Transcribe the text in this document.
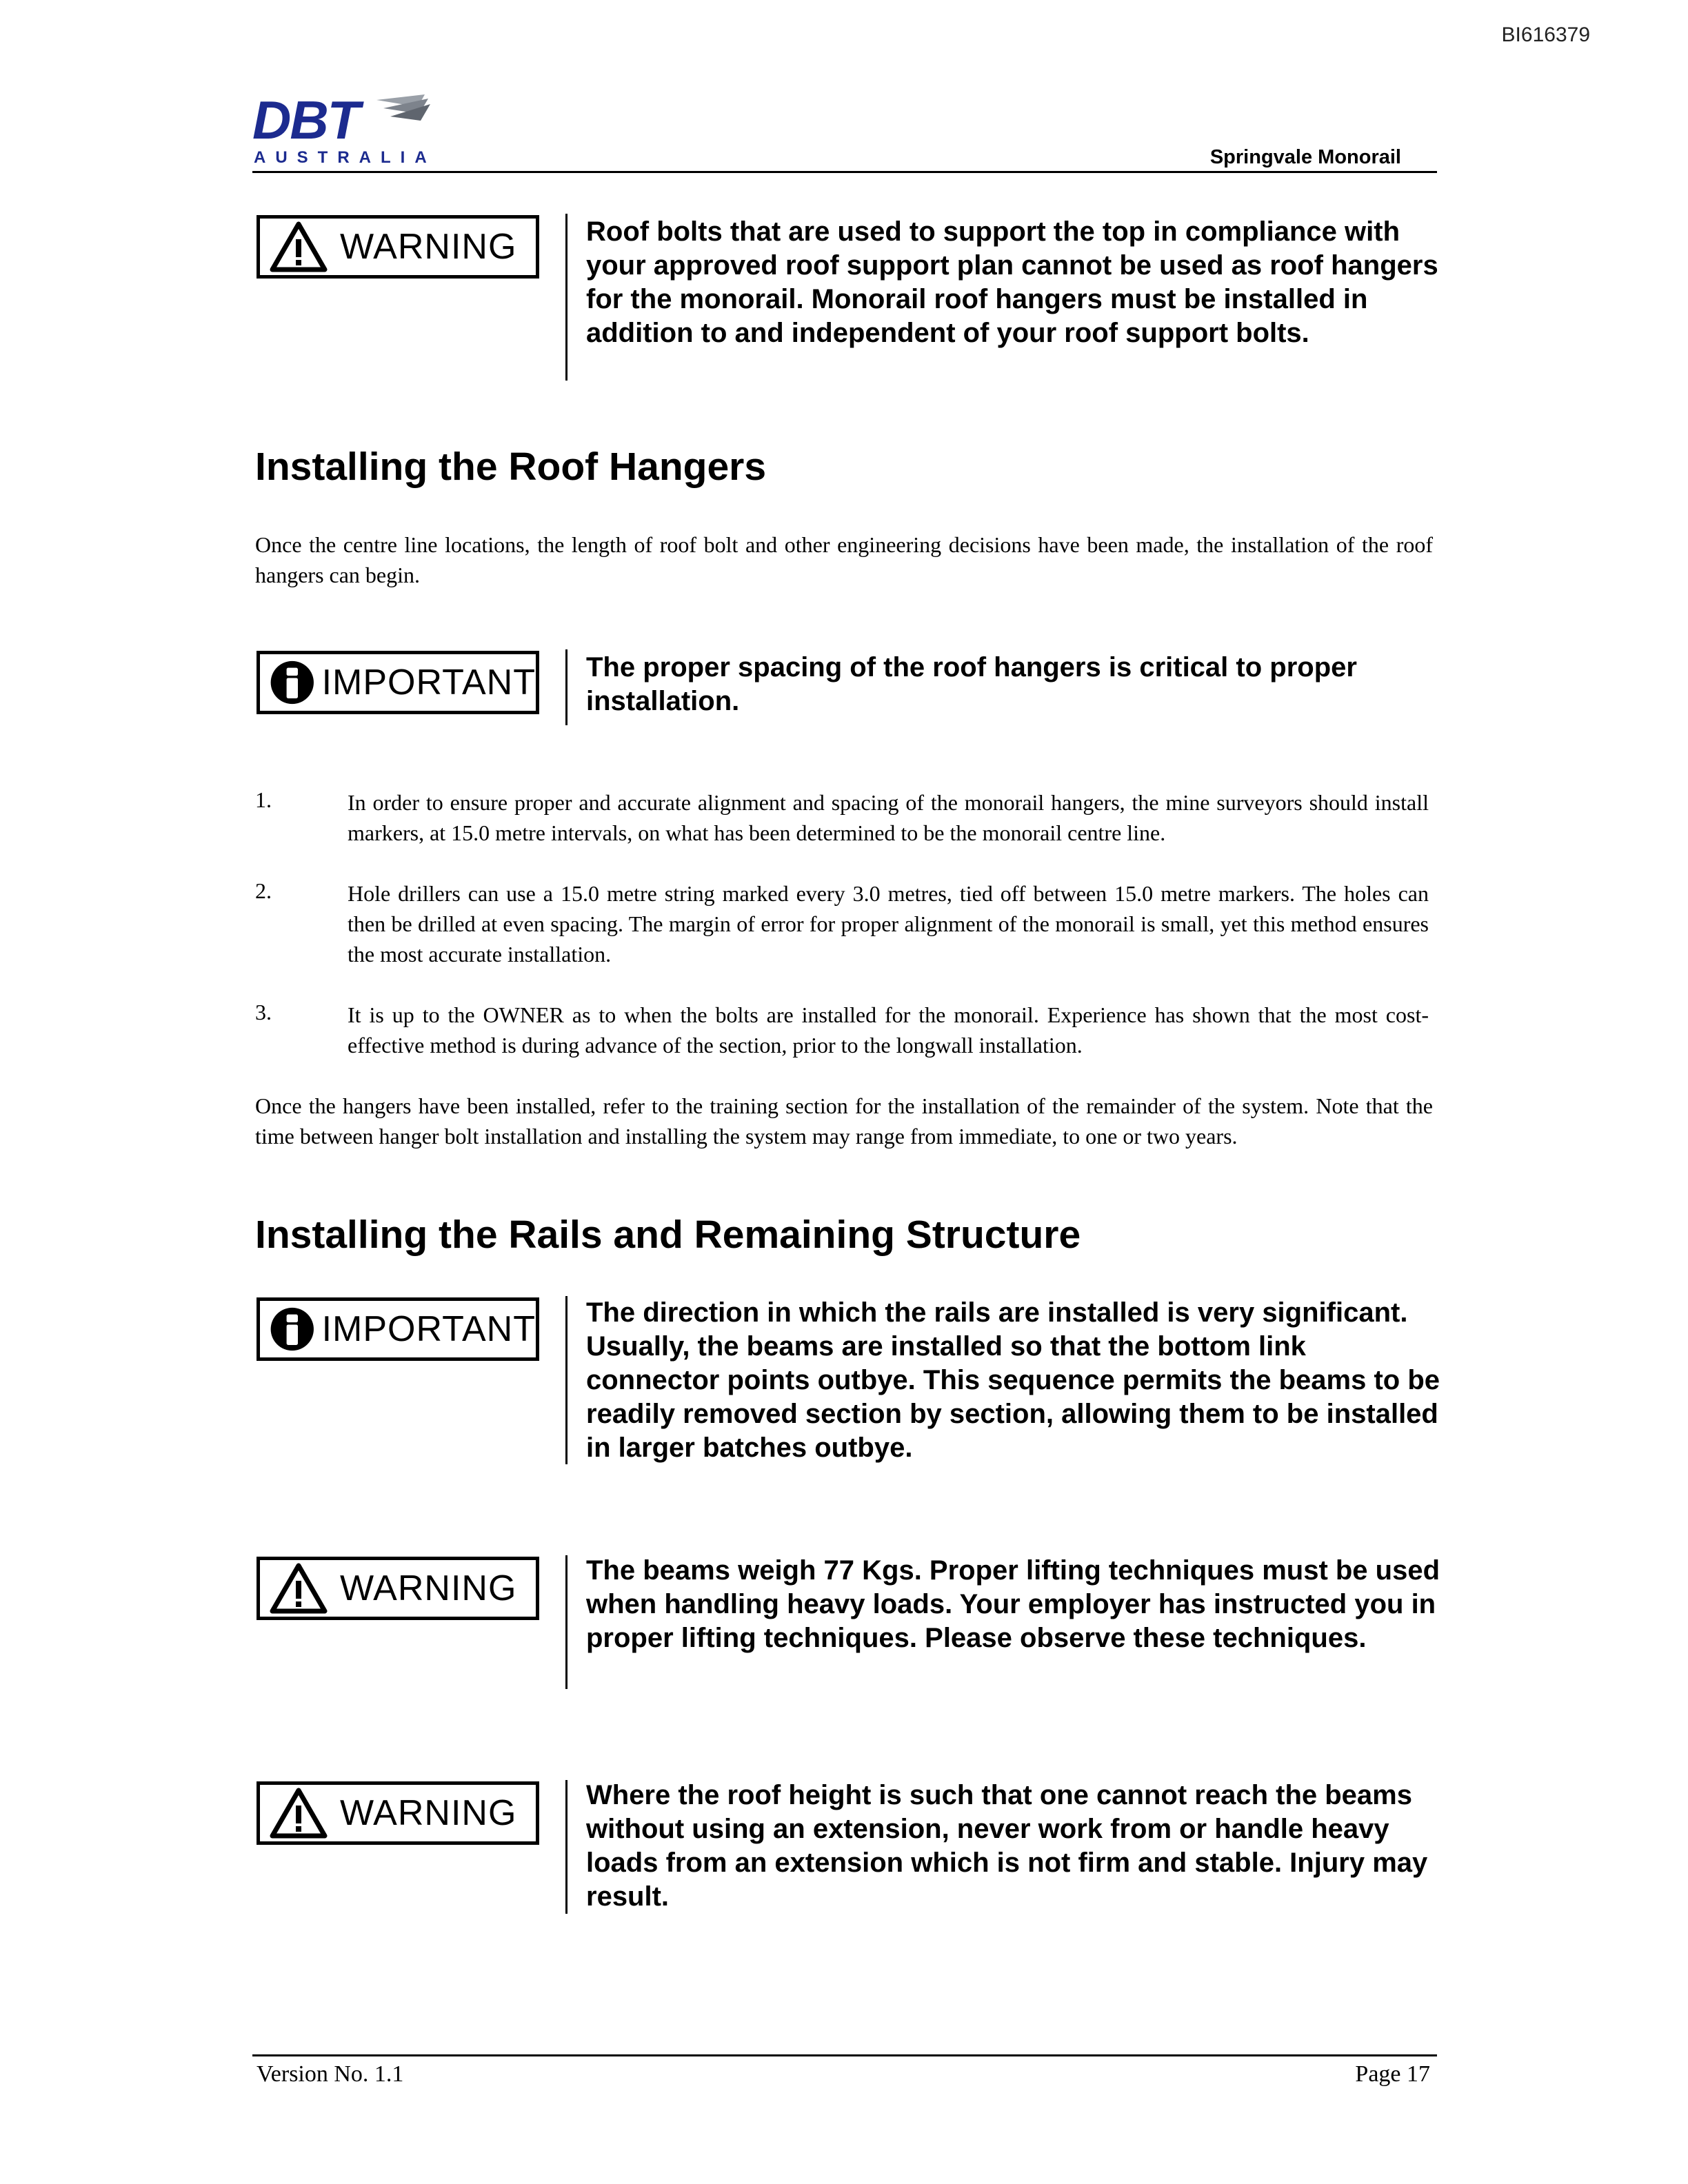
BI616379
DBT
AUSTRALIA	Springvale Monorail
WARNING	Roof bolts that are used to support the top in compliance with your approved roof support plan cannot be used as roof hangers for the monorail. Monorail roof hangers must be installed in addition to and independent of your roof support bolts.
Installing the Roof Hangers
Once the centre line locations, the length of roof bolt and other engineering decisions have been made, the installation of the roof hangers can begin.
IMPORTANT The proper spacing of the roof hangers is critical to proper installation.
1.	In order to ensure proper and accurate alignment and spacing of the monorail hangers, the mine surveyors should install markers, at 15.0 metre intervals, on what has been determined to be the monorail centre line.
2.	Hole drillers can use a 15.0 metre string marked every 3.0 metres, tied off between 15.0 metre markers. The holes can then be drilled at even spacing. The margin of error for proper alignment of the monorail is small, yet this method ensures the most accurate installation.
3.	It is up to the OWNER as to when the bolts are installed for the monorail. Experience has shown that the most cost-effective method is during advance of the section, prior to the longwall installation.
Once the hangers have been installed, refer to the training section for the installation of the remainder of the system. Note that the time between hanger bolt installation and installing the system may range from immediate, to one or two years.
Installing the Rails and Remaining Structure
IMPORTANT The direction in which the rails are installed is very significant. Usually, the beams are installed so that the bottom link connector points outbye. This sequence permits the beams to be readily removed section by section, allowing them to be installed in larger batches outbye.
WARNING	The beams weigh 77 Kgs. Proper lifting techniques must be used when handling heavy loads. Your employer has instructed you in proper lifting techniques. Please observe these techniques.
WARNING	Where the roof height is such that one cannot reach the beams without using an extension, never work from or handle heavy loads from an extension which is not firm and stable. Injury may result.
Version No. 1.1	Page 17
